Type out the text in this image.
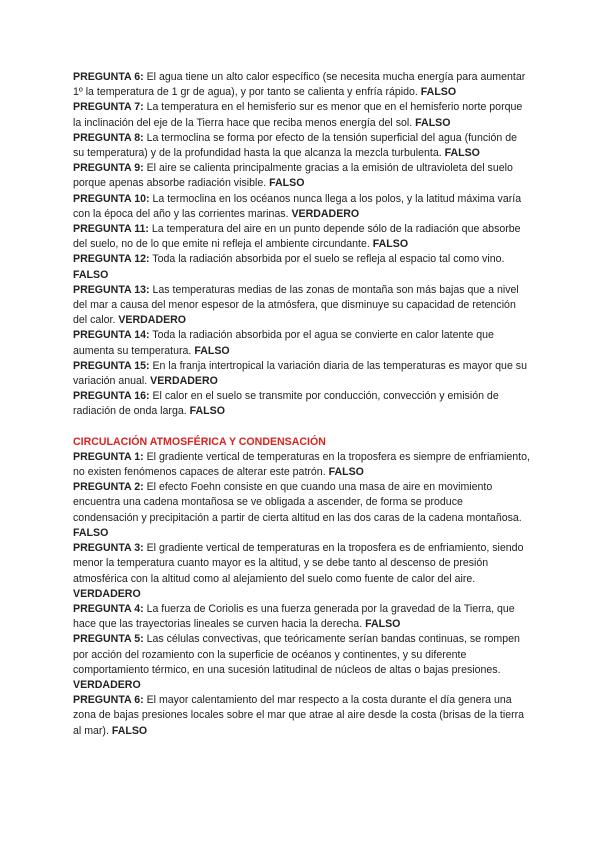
PREGUNTA 6: El agua tiene un alto calor específico (se necesita mucha energía para aumentar 1º la temperatura de 1 gr de agua), y por tanto se calienta y enfría rápido. FALSO

PREGUNTA 7: La temperatura en el hemisferio sur es menor que en el hemisferio norte porque la inclinación del eje de la Tierra hace que reciba menos energía del sol. FALSO

PREGUNTA 8: La termoclina se forma por efecto de la tensión superficial del agua (función de su temperatura) y de la profundidad hasta la que alcanza la mezcla turbulenta. FALSO

PREGUNTA 9: El aire se calienta principalmente gracias a la emisión de ultravioleta del suelo porque apenas absorbe radiación visible. FALSO

PREGUNTA 10: La termoclina en los océanos nunca llega a los polos, y la latitud máxima varía con la época del año y las corrientes marinas. VERDADERO

PREGUNTA 11: La temperatura del aire en un punto depende sólo de la radiación que absorbe del suelo, no de lo que emite ni refleja el ambiente circundante. FALSO

PREGUNTA 12: Toda la radiación absorbida por el suelo se refleja al espacio tal como vino. FALSO

PREGUNTA 13: Las temperaturas medias de las zonas de montaña son más bajas que a nivel del mar a causa del menor espesor de la atmósfera, que disminuye su capacidad de retención del calor. VERDADERO

PREGUNTA 14: Toda la radiación absorbida por el agua se convierte en calor latente que aumenta su temperatura. FALSO

PREGUNTA 15: En la franja intertropical la variación diaria de las temperaturas es mayor que su variación anual. VERDADERO

PREGUNTA 16: El calor en el suelo se transmite por conducción, convección y emisión de radiación de onda larga. FALSO

CIRCULACIÓN ATMOSFÉRICA Y CONDENSACIÓN

PREGUNTA 1: El gradiente vertical de temperaturas en la troposfera es siempre de enfriamiento, no existen fenómenos capaces de alterar este patrón. FALSO

PREGUNTA 2: El efecto Foehn consiste en que cuando una masa de aire en movimiento encuentra una cadena montañosa se ve obligada a ascender, de forma se produce condensación y precipitación a partir de cierta altitud en las dos caras de la cadena montañosa. FALSO

PREGUNTA 3: El gradiente vertical de temperaturas en la troposfera es de enfriamiento, siendo menor la temperatura cuanto mayor es la altitud, y se debe tanto al descenso de presión atmosférica con la altitud como al alejamiento del suelo como fuente de calor del aire. VERDADERO

PREGUNTA 4: La fuerza de Coriolis es una fuerza generada por la gravedad de la Tierra, que hace que las trayectorias lineales se curven hacia la derecha. FALSO

PREGUNTA 5: Las células convectivas, que teóricamente serían bandas continuas, se rompen por acción del rozamiento con la superficie de océanos y continentes, y su diferente comportamiento térmico, en una sucesión latitudinal de núcleos de altas o bajas presiones. VERDADERO

PREGUNTA 6: El mayor calentamiento del mar respecto a la costa durante el día genera una zona de bajas presiones locales sobre el mar que atrae al aire desde la costa (brisas de la tierra al mar). FALSO
